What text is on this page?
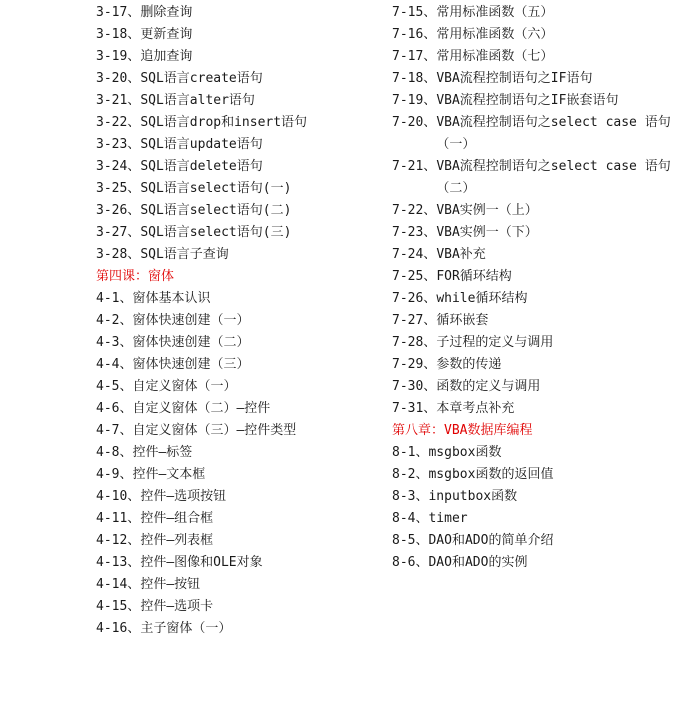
3-17、删除查询
3-18、更新查询
3-19、追加查询
3-20、SQL语言create语句
3-21、SQL语言alter语句
3-22、SQL语言drop和insert语句
3-23、SQL语言update语句
3-24、SQL语言delete语句
3-25、SQL语言select语句(一)
3-26、SQL语言select语句(二)
3-27、SQL语言select语句(三)
3-28、SQL语言子查询
第四课：窗体
4-1、窗体基本认识
4-2、窗体快速创建（一）
4-3、窗体快速创建（二）
4-4、窗体快速创建（三）
4-5、自定义窗体（一）
4-6、自定义窗体（二）—控件
4-7、自定义窗体（三）—控件类型
4-8、控件—标签
4-9、控件—文本框
4-10、控件—选项按钮
4-11、控件—组合框
4-12、控件—列表框
4-13、控件—图像和OLE对象
4-14、控件—按钮
4-15、控件—选项卡
4-16、主子窗体（一）
7-15、常用标准函数（五）
7-16、常用标准函数（六）
7-17、常用标准函数（七）
7-18、VBA流程控制语句之IF语句
7-19、VBA流程控制语句之IF嵌套语句
7-20、 VBA流程控制语句之select case 语句（一）
7-21、 VBA流程控制语句之select case 语句（二）
7-22、VBA实例一（上）
7-23、VBA实例一（下）
7-24、VBA补充
7-25、FOR循环结构
7-26、while循环结构
7-27、循环嵌套
7-28、子过程的定义与调用
7-29、参数的传递
7-30、函数的定义与调用
7-31、本章考点补充
第八章：VBA数据库编程
8-1、msgbox函数
8-2、msgbox函数的返回值
8-3、inputbox函数
8-4、timer
8-5、DAO和ADO的简单介绍
8-6、DAO和ADO的实例
